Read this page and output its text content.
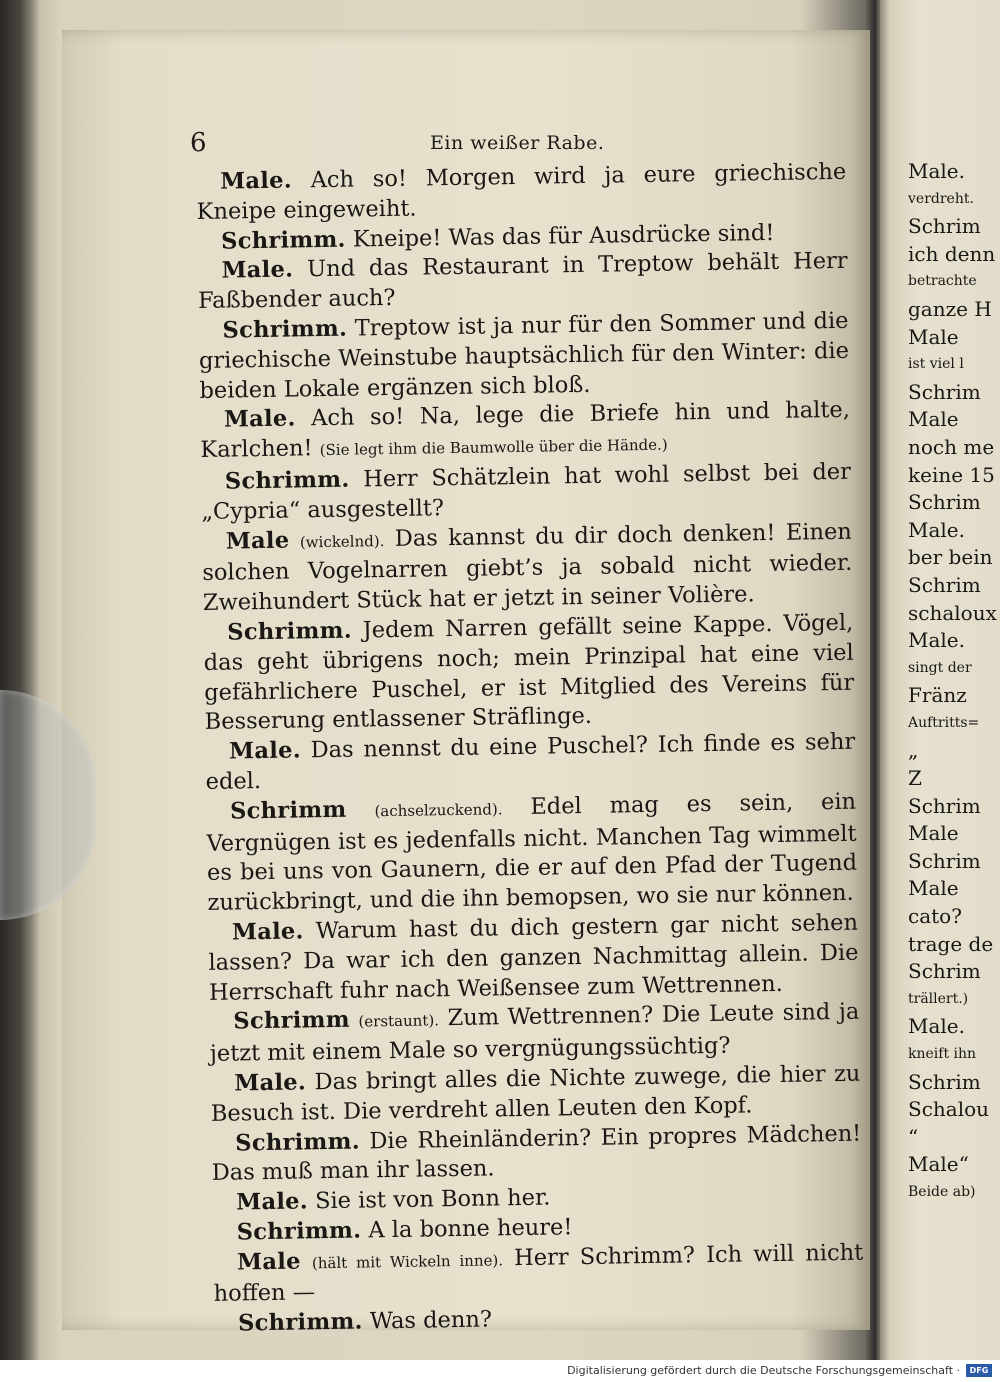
6	Ein weißer Rabe.

Male. Ach so! Morgen wird ja eure griechische Kneipe eingeweiht.

Schrimm. Kneipe! Was das für Ausdrücke sind!

Male. Und das Restaurant in Treptow behält Herr Faßbender auch?

Schrimm. Treptow ist ja nur für den Sommer und die griechische Weinstube hauptsächlich für den Winter: die beiden Lokale ergänzen sich bloß.

Male. Ach so! Na, lege die Briefe hin und halte, Karlchen! (Sie legt ihm die Baumwolle über die Hände.)

Schrimm. Herr Schätzlein hat wohl selbst bei der „Cypria“ ausgestellt?

Male (wickelnd). Das kannst du dir doch denken! Einen solchen Vogelnarren giebt’s ja sobald nicht wieder. Zweihundert Stück hat er jetzt in seiner Volière.

Schrimm. Jedem Narren gefällt seine Kappe. Vögel, das geht übrigens noch; mein Prinzipal hat eine viel gefährlichere Puschel, er ist Mitglied des Vereins für Besserung entlassener Sträflinge.

Male. Das nennst du eine Puschel? Ich finde es sehr edel.

Schrimm (achselzuckend). Edel mag es sein, ein Vergnügen ist es jedenfalls nicht. Manchen Tag wimmelt es bei uns von Gaunern, die er auf den Pfad der Tugend zurückbringt, und die ihn bemopsen, wo sie nur können.

Male. Warum hast du dich gestern gar nicht sehen lassen? Da war ich den ganzen Nachmittag allein. Die Herrschaft fuhr nach Weißensee zum Wettrennen.

Schrimm (erstaunt). Zum Wettrennen? Die Leute sind ja jetzt mit einem Male so vergnügungssüchtig?

Male. Das bringt alles die Nichte zuwege, die hier zu Besuch ist. Die verdreht allen Leuten den Kopf.

Schrimm. Die Rheinländerin? Ein propres Mädchen! Das muß man ihr lassen.

Male. Sie ist von Bonn her.

Schrimm. A la bonne heure!

Male (hält mit Wickeln inne). Herr Schrimm? Ich will nicht hoffen —

Schrimm. Was denn?

Male.
verdreht.
Schrim
ich denn
betrachte
ganze H
Male
ist viel l
Schrim
Male
noch me
keine 15
Schrim
Male.
ber bein
Schrim
schaloux
Male.
singt der
Fränz
Auftritts=
„
Z
Schrim
Male
Schrim
Male
cato?
trage de
Schrim
trällert.)
Male.
kneift ihn
Schrim
Schalou
“
Male“
Beide ab)
Digitalisierung gefördert durch die Deutsche Forschungsgemeinschaft ·	DFG
